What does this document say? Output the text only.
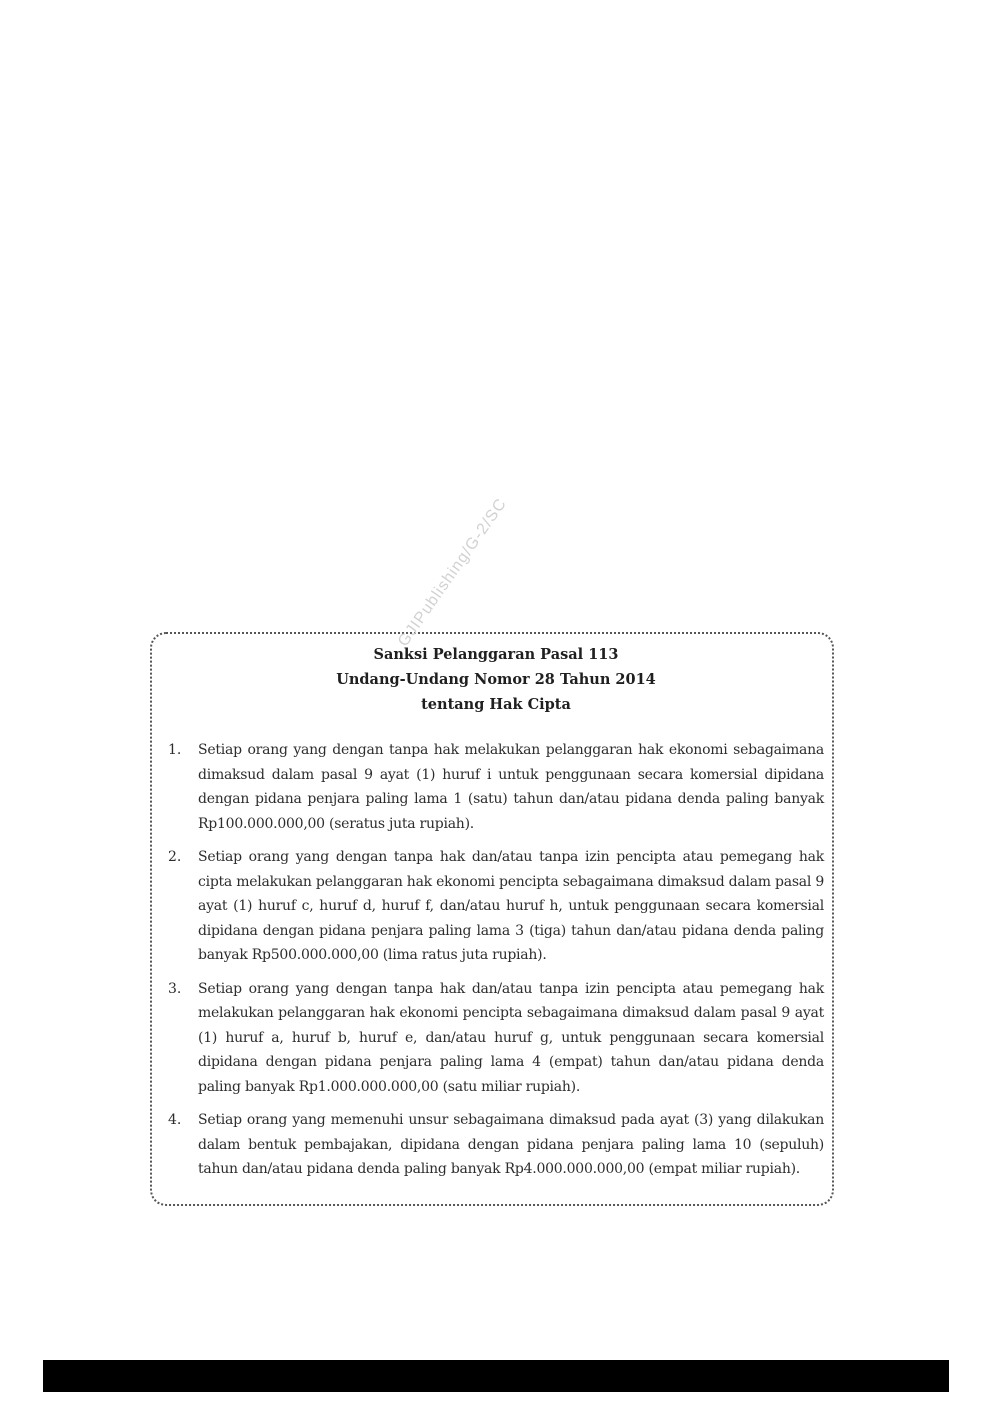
Sanksi Pelanggaran Pasal 113
Undang-Undang Nomor 28 Tahun 2014
tentang Hak Cipta
1.	Setiap orang yang dengan tanpa hak melakukan pelanggaran hak ekonomi sebagaimana dimaksud dalam pasal 9 ayat (1) huruf i untuk penggunaan secara komersial dipidana dengan pidana penjara paling lama 1 (satu) tahun dan/atau pidana denda paling banyak Rp100.000.000,00 (seratus juta rupiah).
2.	Setiap orang yang dengan tanpa hak dan/atau tanpa izin pencipta atau pemegang hak cipta melakukan pelanggaran hak ekonomi pencipta sebagaimana dimaksud dalam pasal 9 ayat (1) huruf c, huruf d, huruf f, dan/atau huruf h, untuk penggunaan secara komersial dipidana dengan pidana penjara paling lama 3 (tiga) tahun dan/atau pidana denda paling banyak Rp500.000.000,00 (lima ratus juta rupiah).
3.	Setiap orang yang dengan tanpa hak dan/atau tanpa izin pencipta atau pemegang hak melakukan pelanggaran hak ekonomi pencipta sebagaimana dimaksud dalam pasal 9 ayat (1) huruf a, huruf b, huruf e, dan/atau huruf g, untuk penggunaan secara komersial dipidana dengan pidana penjara paling lama 4 (empat) tahun dan/atau pidana denda paling banyak Rp1.000.000.000,00 (satu miliar rupiah).
4.	Setiap orang yang memenuhi unsur sebagaimana dimaksud pada ayat (3) yang dilakukan dalam bentuk pembajakan, dipidana dengan pidana penjara paling lama 10 (sepuluh) tahun dan/atau pidana denda paling banyak Rp4.000.000.000,00 (empat miliar rupiah).
GJIPublishing/G-2/SC
